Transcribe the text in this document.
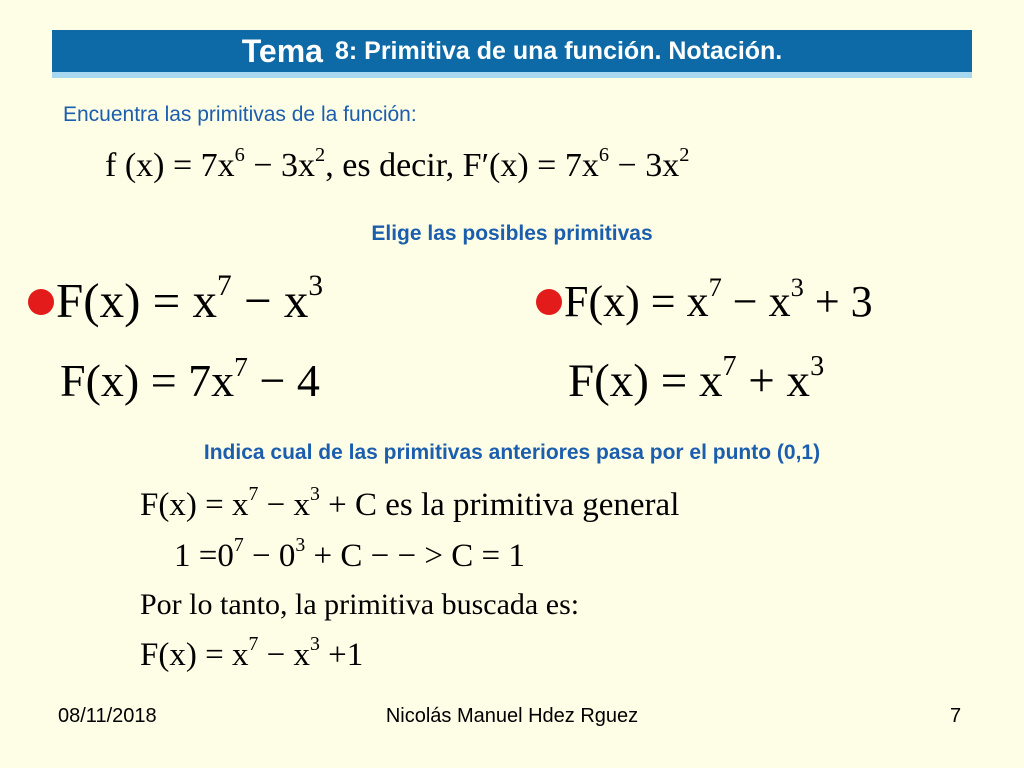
Tema 8: Primitiva de una función. Notación.
Encuentra las primitivas de la función:
f $(x) = 7x^6 - 3x^2$, es decir, $F'(x) = 7x^6 - 3x^2$
Elige las posibles primitivas
$F(x) = x^7 - x^3$	$F(x) = x^7 - x^3 + 3$
$F(x) = 7x^7 - 4$	$F(x) = x^7 + x^3$
Indica cual de las primitivas anteriores pasa por el punto (0,1)
$F(x) = x^7 - x^3 + C$ es la primitiva general
$1 =0^7 - 0^3 + C$ − − > C = 1
Por lo tanto, la primitiva buscada es:
$F(x) = x^7 - x^3 +1$
08/11/2018	Nicolás Manuel Hdez Rguez	7
